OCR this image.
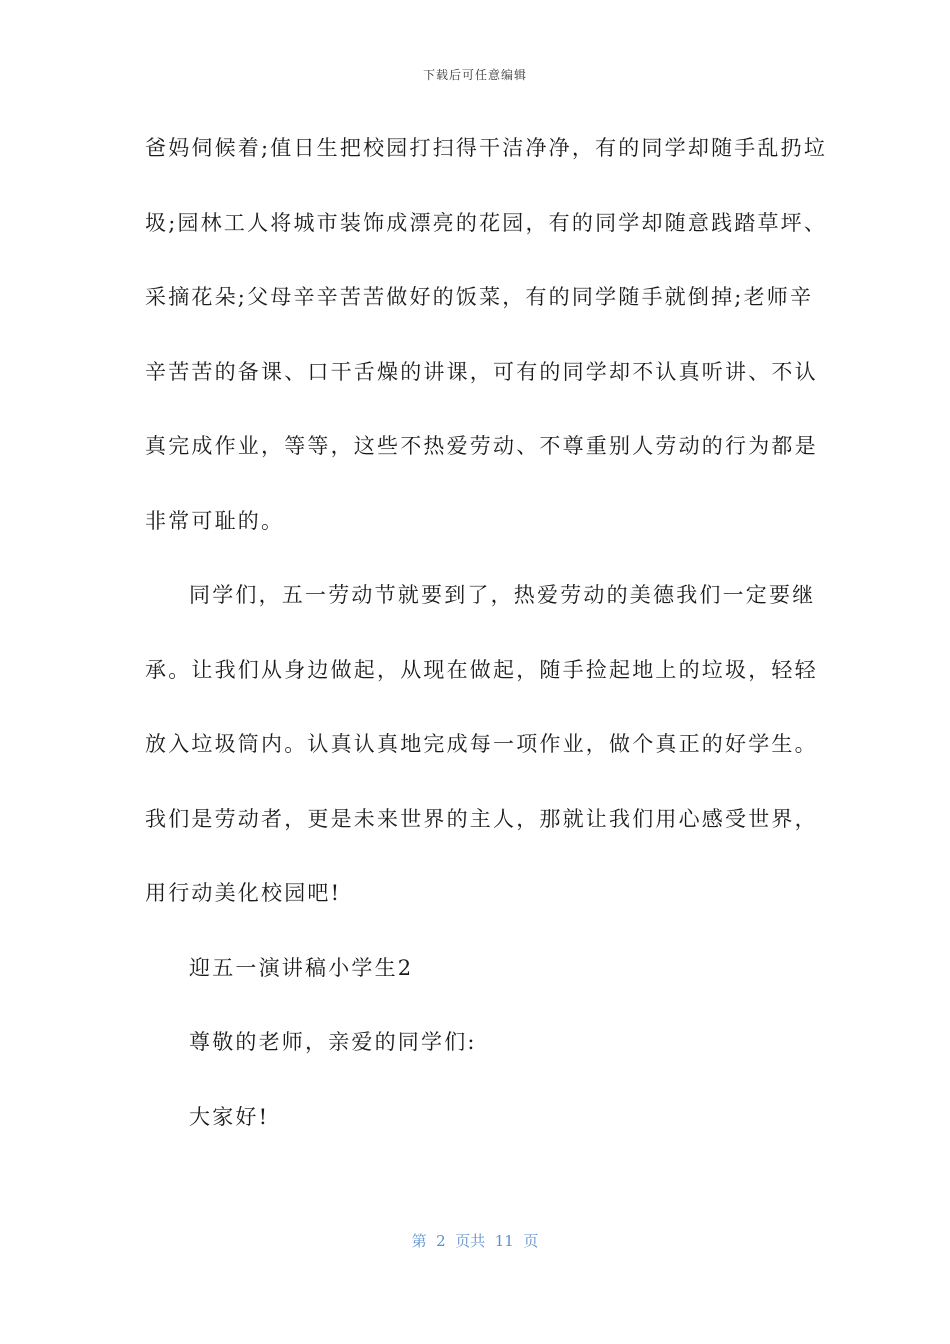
下载后可任意编辑
爸妈伺候着;值日生把校园打扫得干洁净净，有的同学却随手乱扔垃
圾;园林工人将城市装饰成漂亮的花园，有的同学却随意践踏草坪、
采摘花朵;父母辛辛苦苦做好的饭菜，有的同学随手就倒掉;老师辛
辛苦苦的备课、口干舌燥的讲课，可有的同学却不认真听讲、不认
真完成作业，等等，这些不热爱劳动、不尊重别人劳动的行为都是
非常可耻的。
同学们，五一劳动节就要到了，热爱劳动的美德我们一定要继
承。让我们从身边做起，从现在做起，随手捡起地上的垃圾，轻轻
放入垃圾筒内。认真认真地完成每一项作业，做个真正的好学生。
我们是劳动者，更是未来世界的主人，那就让我们用心感受世界，
用行动美化校园吧!
迎五一演讲稿小学生2
尊敬的老师，亲爱的同学们:
大家好!
第  2  页共  11  页
